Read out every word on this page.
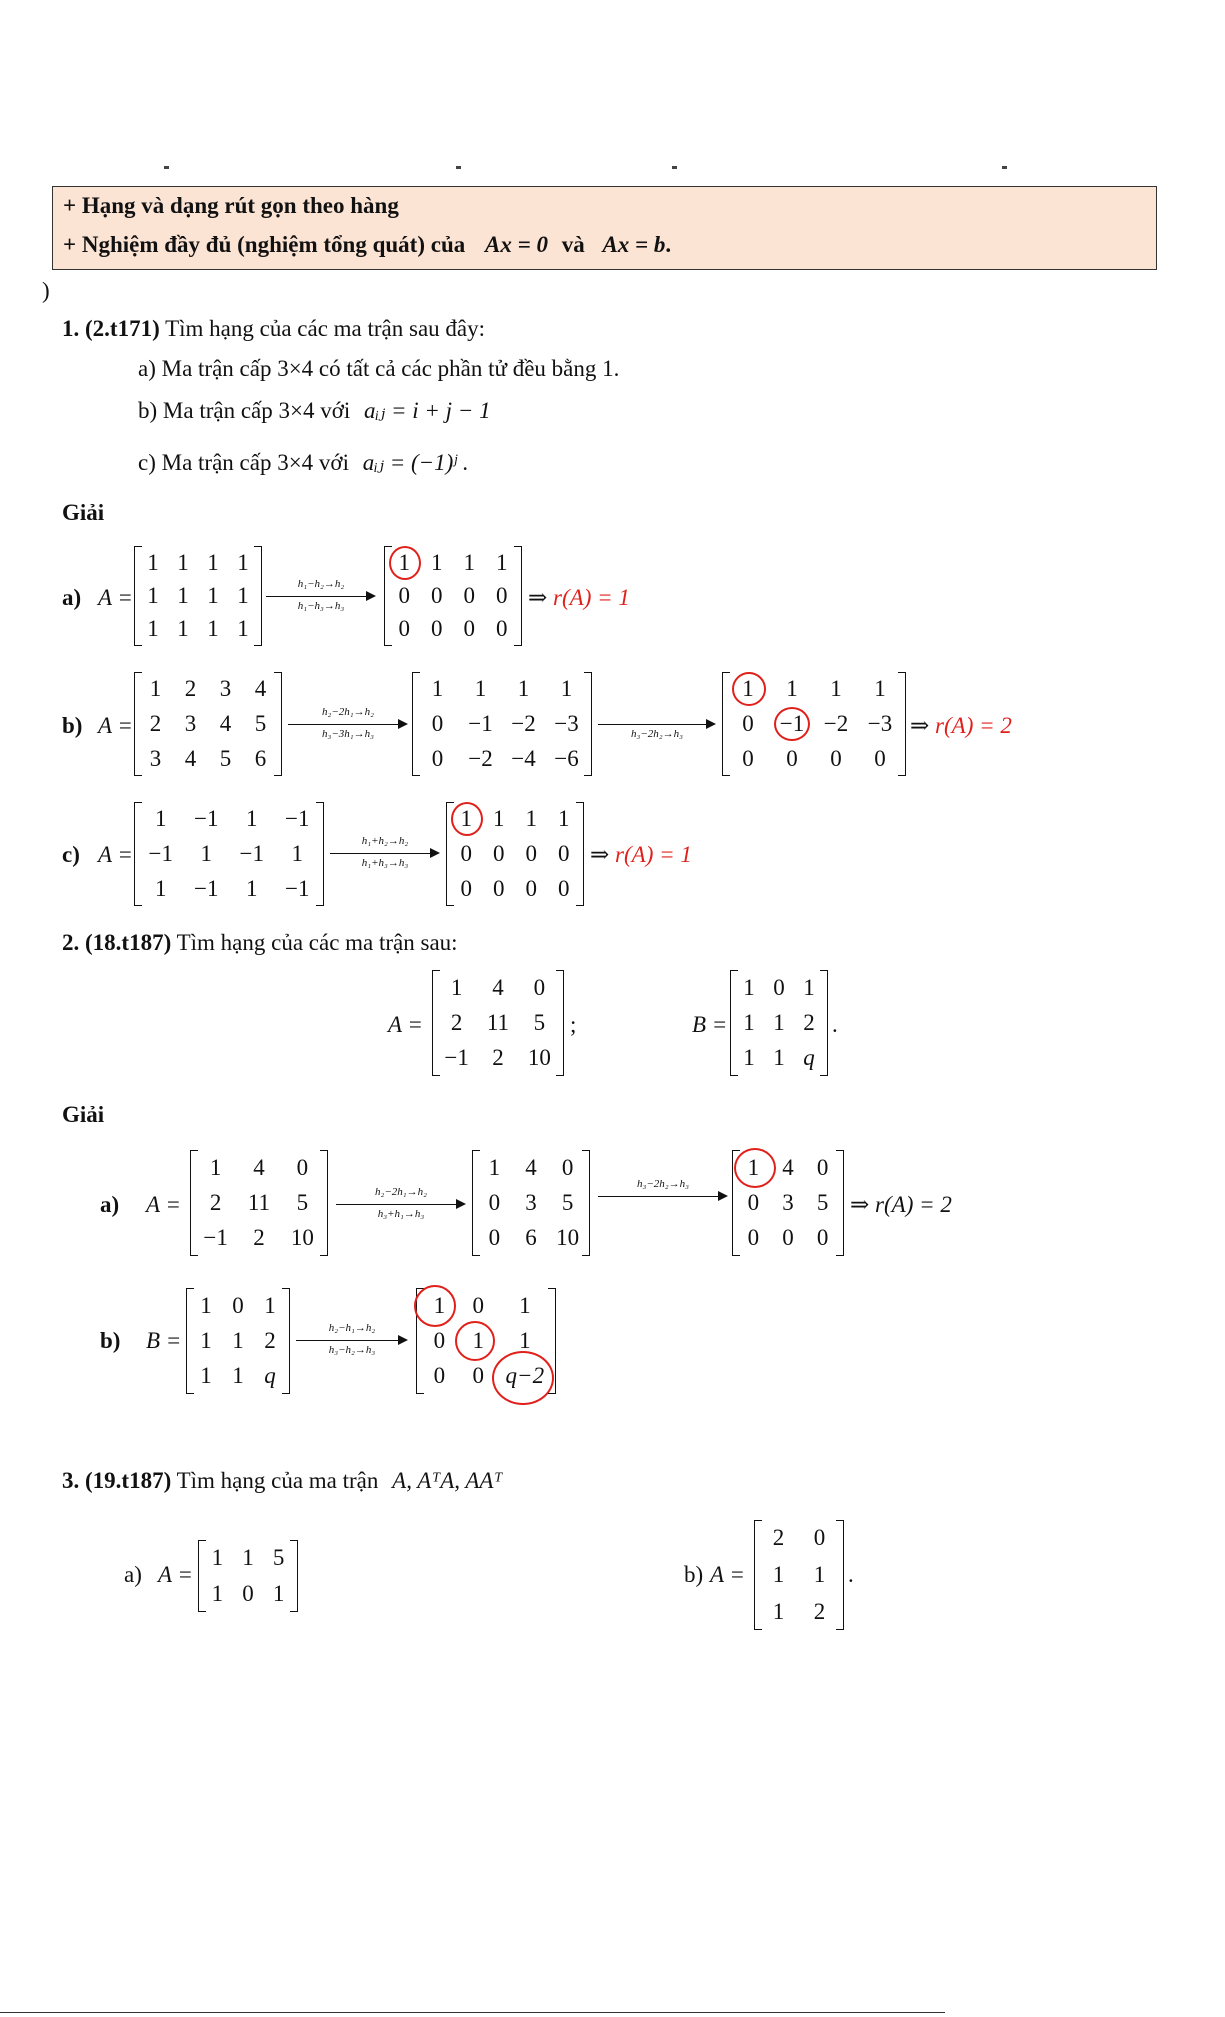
+ Hạng và dạng rút gọn theo hàng
+ Nghiệm đầy đủ (nghiệm tổng quát) của Ax = 0 và Ax = b.
)
1. (2.t171) Tìm hạng của các ma trận sau đây:
a) Ma trận cấp 3×4 có tất cả các phần tử đều bằng 1.
b) Ma trận cấp 3×4 với aᵢⱼ = i + j − 1
c) Ma trận cấp 3×4 với aᵢⱼ = (−1)ʲ .
Giải
a) A =
1 1 1 1
1 1 1 1
1 1 1 1
h₁−h₂→h₂
h₁−h₃→h₃
1 1 1 1
0 0 0 0
0 0 0 0
⇒ r(A) = 1
b) A =
1	2	3	4
2	3	4	5
3	4	5	6
h₂−2h₁→h₂
h₃−3h₁→h₃
1	1	1	1
0	−1 −2 −3
0	−2 −4 −6
h₃−2h₂→h₃
1	1	1	1
0	−1 −2 −3
0	0	0	0
⇒ r(A) = 2
c) A =
1	−1	1	−1
−1	1	−1	1
1	−1	1	−1
h₁+h₂→h₂
h₁+h₃→h₃
1 1 1 1
0 0 0 0
0 0 0 0
⇒ r(A) = 1
2. (18.t187) Tìm hạng của các ma trận sau:
A =
1	4	0
2	11	5
−1	2	10
;	B =
1 0 1
1 1 2
1 1 q
.
Giải
a) A =
1	4	0
2	11	5
−1	2	10
h₂−2h₁→h₂
h₃+h₁→h₃
1	4	0
0	3	5
0	6 10
h₃−2h₂→h₃
1	4	0
0	3	5
0	0	0
⇒ r(A) = 2
b) B =
1 0 1
1 1 2
1 1 q
h₂−h₁→h₂
h₃−h₂→h₃
1	0	1
0	1	1
0	0 q−2
3. (19.t187) Tìm hạng của ma trận A, AᵀA, AAᵀ
a) A =
1 1 5
1 0 1
b) A =
2	0
1	1
1	2
.
